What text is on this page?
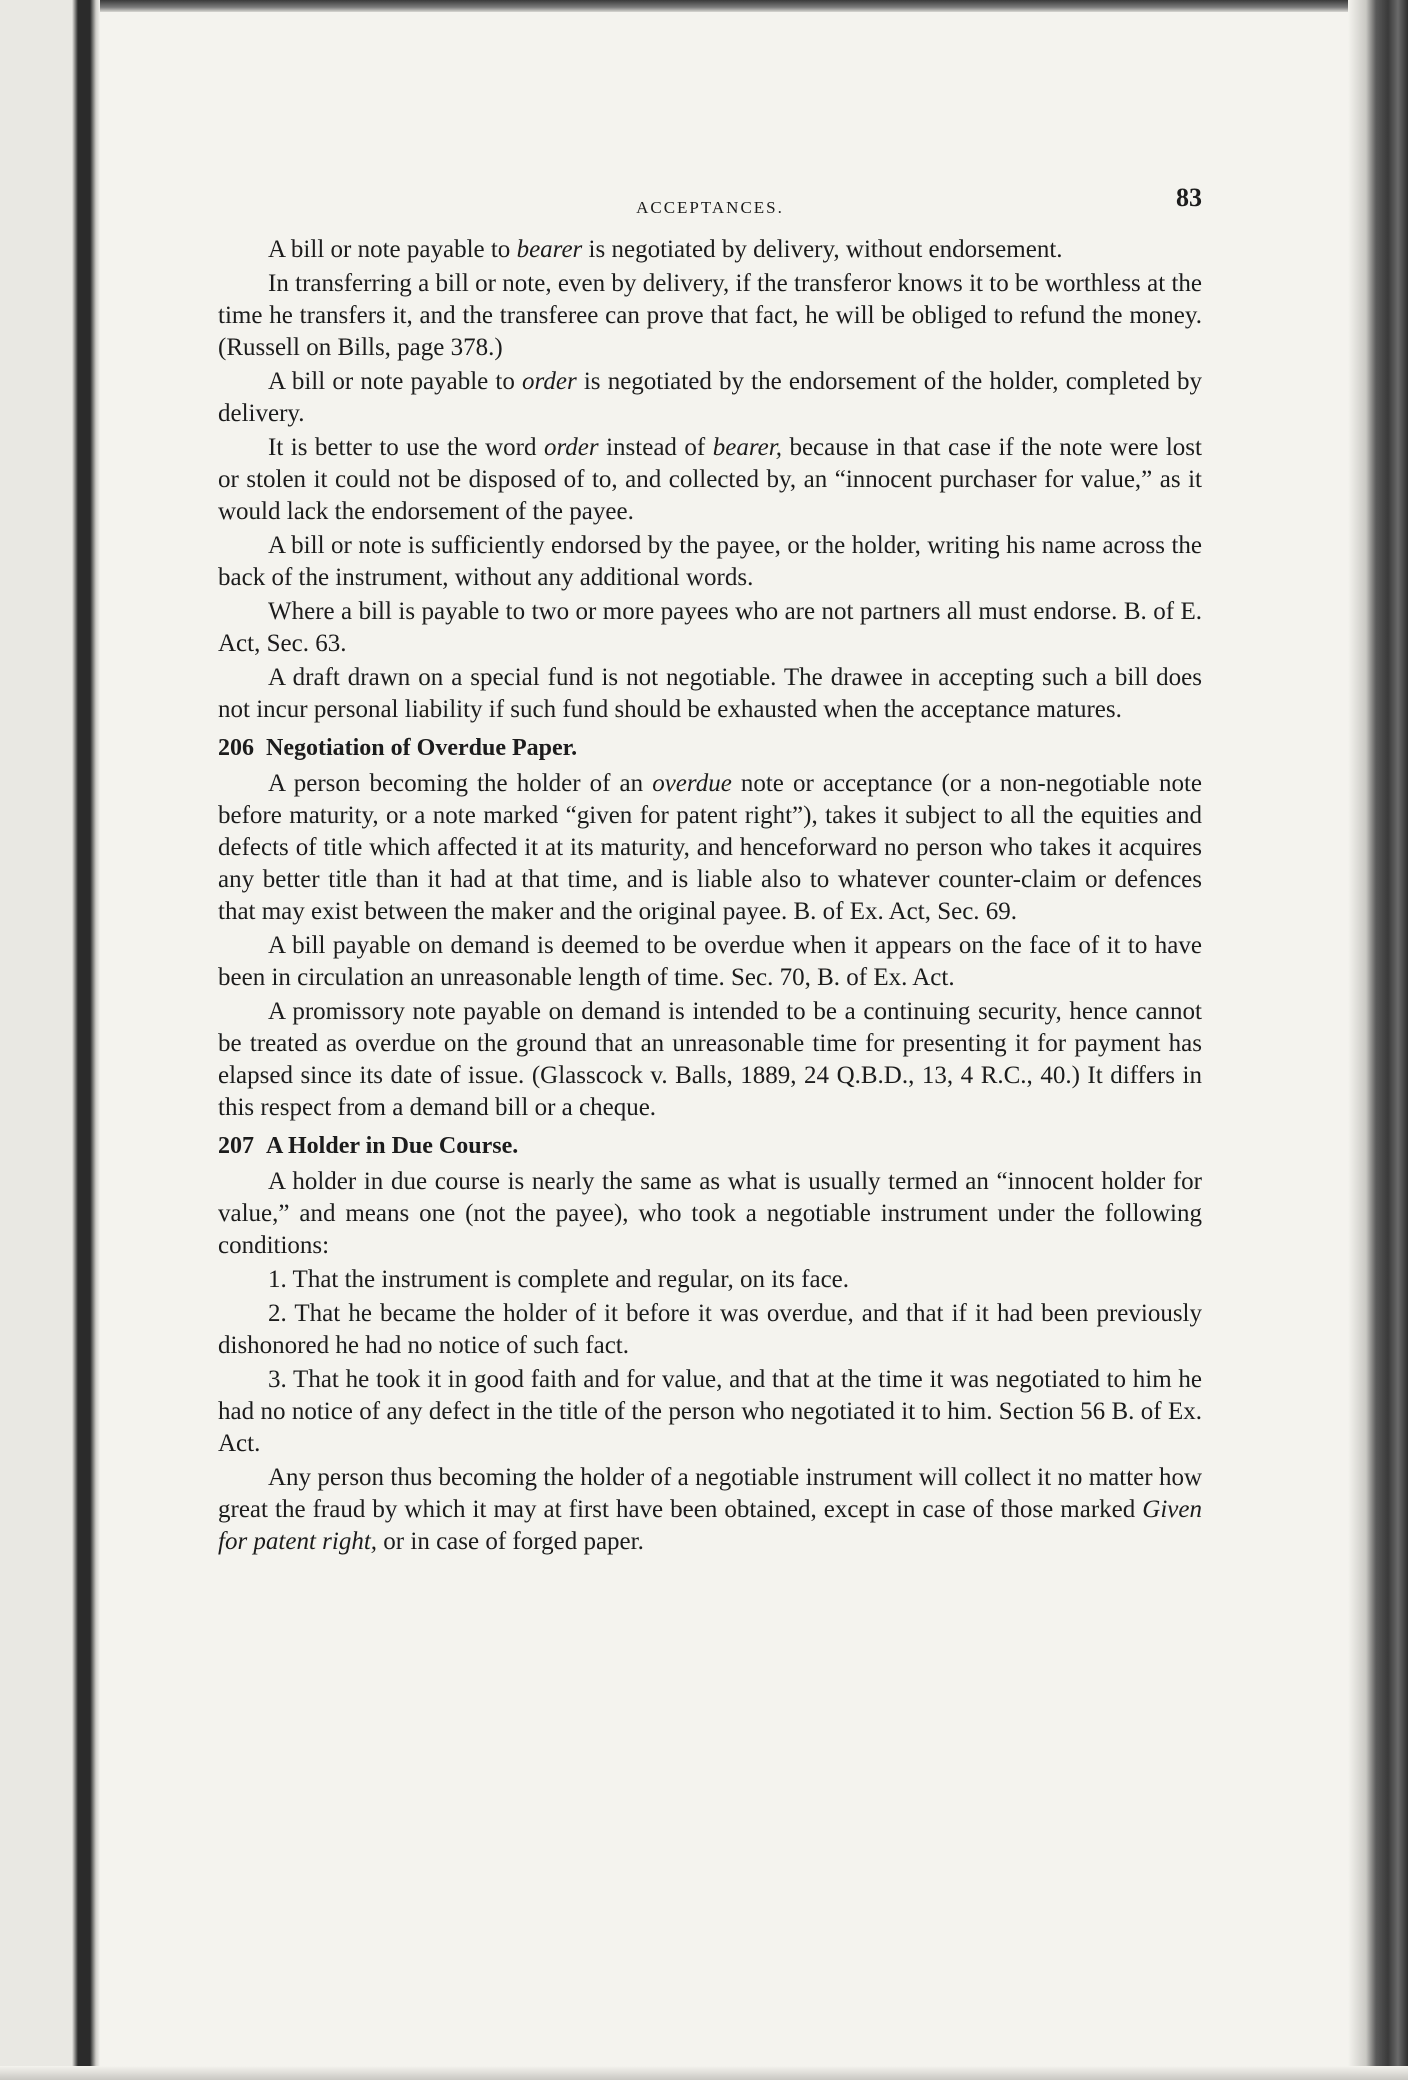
ACCEPTANCES.	83

A bill or note payable to bearer is negotiated by delivery, without endorsement.

In transferring a bill or note, even by delivery, if the transferor knows it to be worthless at the time he transfers it, and the transferee can prove that fact, he will be obliged to refund the money. (Russell on Bills, page 378.)

A bill or note payable to order is negotiated by the endorsement of the holder, completed by delivery.

It is better to use the word order instead of bearer, because in that case if the note were lost or stolen it could not be disposed of to, and collected by, an “innocent purchaser for value,” as it would lack the endorsement of the payee.

A bill or note is sufficiently endorsed by the payee, or the holder, writing his name across the back of the instrument, without any additional words.

Where a bill is payable to two or more payees who are not partners all must endorse. B. of E. Act, Sec. 63.

A draft drawn on a special fund is not negotiable. The drawee in accepting such a bill does not incur personal liability if such fund should be exhausted when the acceptance matures.

206 Negotiation of Overdue Paper.

A person becoming the holder of an overdue note or acceptance (or a non-negotiable note before maturity, or a note marked “given for patent right”), takes it subject to all the equities and defects of title which affected it at its maturity, and henceforward no person who takes it acquires any better title than it had at that time, and is liable also to whatever counter-claim or defences that may exist between the maker and the original payee. B. of Ex. Act, Sec. 69.

A bill payable on demand is deemed to be overdue when it appears on the face of it to have been in circulation an unreasonable length of time. Sec. 70, B. of Ex. Act.

A promissory note payable on demand is intended to be a continuing security, hence cannot be treated as overdue on the ground that an unreasonable time for presenting it for payment has elapsed since its date of issue. (Glasscock v. Balls, 1889, 24 Q.B.D., 13, 4 R.C., 40.) It differs in this respect from a demand bill or a cheque.

207 A Holder in Due Course.

A holder in due course is nearly the same as what is usually termed an “innocent holder for value,” and means one (not the payee), who took a negotiable instrument under the following conditions:

1. That the instrument is complete and regular, on its face.

2. That he became the holder of it before it was overdue, and that if it had been previously dishonored he had no notice of such fact.

3. That he took it in good faith and for value, and that at the time it was negotiated to him he had no notice of any defect in the title of the person who negotiated it to him. Section 56 B. of Ex. Act.

Any person thus becoming the holder of a negotiable instrument will collect it no matter how great the fraud by which it may at first have been obtained, except in case of those marked Given for patent right, or in case of forged paper.
